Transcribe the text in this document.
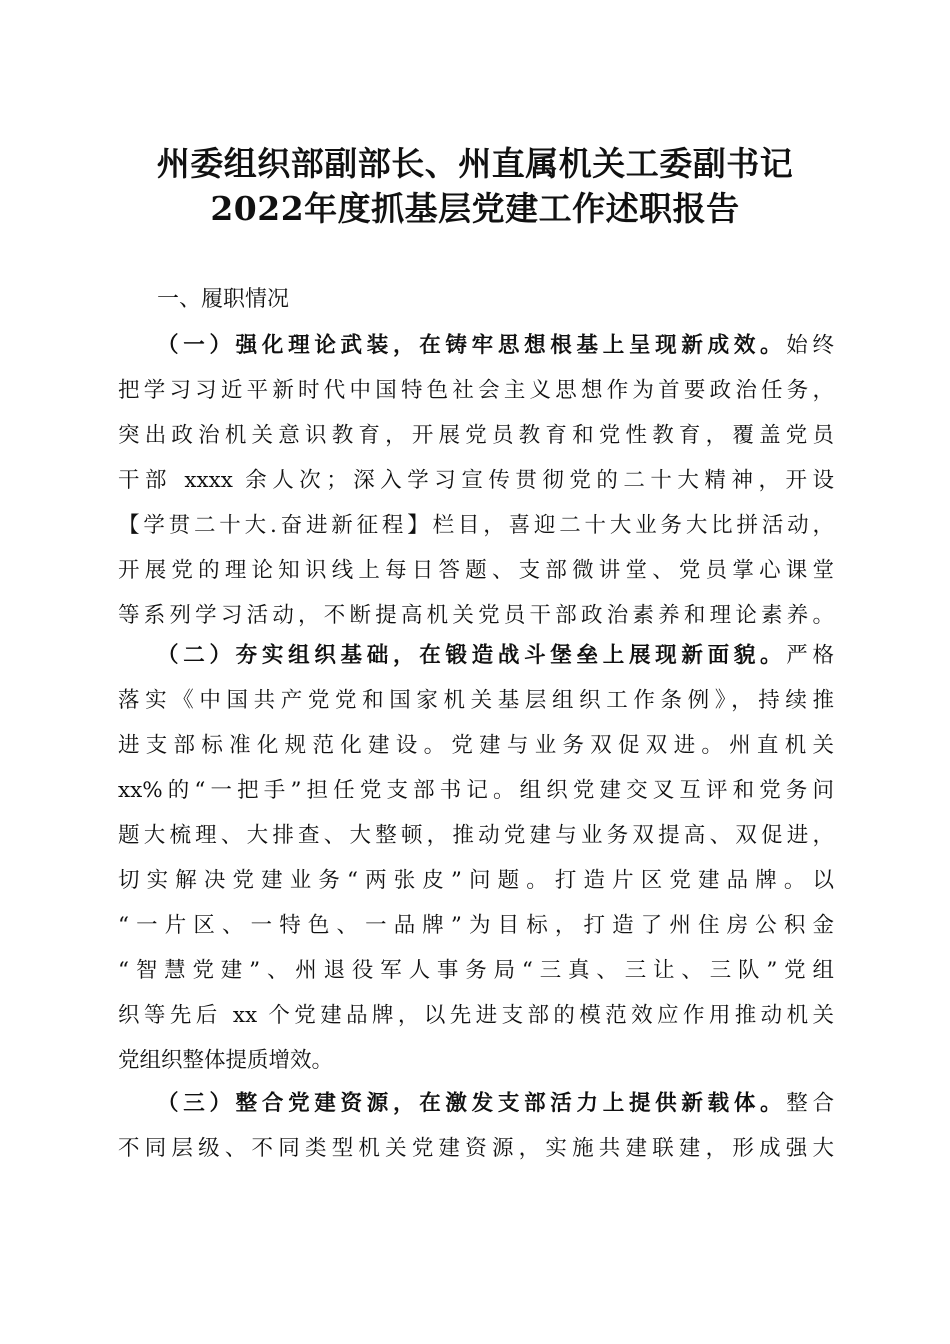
州委组织部副部长、州直属机关工委副书记
2022年度抓基层党建工作述职报告
一、履职情况
（一）强化理论武装，在铸牢思想根基上呈现新成效。始终
把学习习近平新时代中国特色社会主义思想作为首要政治任务，
突出政治机关意识教育，开展党员教育和党性教育，覆盖党员
干部 xxxx 余人次；深入学习宣传贯彻党的二十大精神，开设
【学贯二十大.奋进新征程】栏目，喜迎二十大业务大比拼活动，
开展党的理论知识线上每日答题、支部微讲堂、党员掌心课堂
等系列学习活动，不断提高机关党员干部政治素养和理论素养。
（二）夯实组织基础，在锻造战斗堡垒上展现新面貌。严格
落实《中国共产党党和国家机关基层组织工作条例》，持续推
进支部标准化规范化建设。党建与业务双促双进。州直机关
xx%的“一把手”担任党支部书记。组织党建交叉互评和党务问
题大梳理、大排查、大整顿，推动党建与业务双提高、双促进，
切实解决党建业务“两张皮”问题。打造片区党建品牌。以
“一片区、一特色、一品牌”为目标，打造了州住房公积金
“智慧党建”、州退役军人事务局“三真、三让、三队”党组
织等先后 xx 个党建品牌，以先进支部的模范效应作用推动机关
党组织整体提质增效。
（三）整合党建资源，在激发支部活力上提供新载体。整合
不同层级、不同类型机关党建资源，实施共建联建，形成强大
